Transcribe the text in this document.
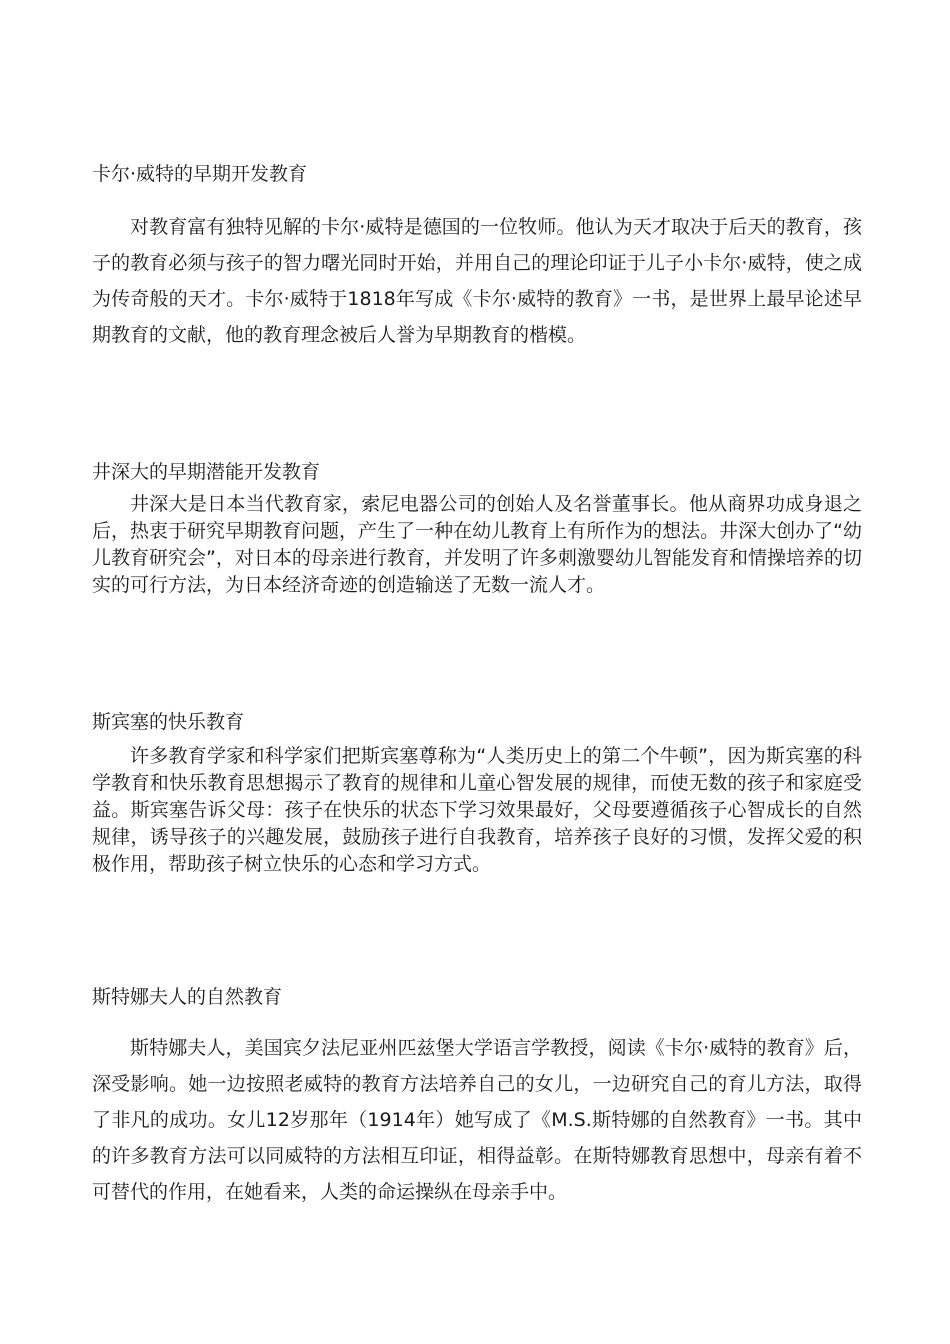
卡尔·威特的早期开发教育

对教育富有独特见解的卡尔·威特是德国的一位牧师。他认为天才取决于后天的教育，孩子的教育必须与孩子的智力曙光同时开始，并用自己的理论印证于儿子小卡尔·威特，使之成为传奇般的天才。卡尔·威特于1818年写成《卡尔·威特的教育》一书，是世界上最早论述早期教育的文献，他的教育理念被后人誉为早期教育的楷模。

井深大的早期潜能开发教育

井深大是日本当代教育家，索尼电器公司的创始人及名誉董事长。他从商界功成身退之后，热衷于研究早期教育问题，产生了一种在幼儿教育上有所作为的想法。井深大创办了“幼儿教育研究会”，对日本的母亲进行教育，并发明了许多刺激婴幼儿智能发育和情操培养的切实的可行方法，为日本经济奇迹的创造输送了无数一流人才。

斯宾塞的快乐教育

许多教育学家和科学家们把斯宾塞尊称为“人类历史上的第二个牛顿”，因为斯宾塞的科学教育和快乐教育思想揭示了教育的规律和儿童心智发展的规律，而使无数的孩子和家庭受益。斯宾塞告诉父母：孩子在快乐的状态下学习效果最好，父母要遵循孩子心智成长的自然规律，诱导孩子的兴趣发展，鼓励孩子进行自我教育，培养孩子良好的习惯，发挥父爱的积极作用，帮助孩子树立快乐的心态和学习方式。

斯特娜夫人的自然教育

斯特娜夫人，美国宾夕法尼亚州匹兹堡大学语言学教授，阅读《卡尔·威特的教育》后，深受影响。她一边按照老威特的教育方法培养自己的女儿，一边研究自己的育儿方法，取得了非凡的成功。女儿12岁那年（1914年）她写成了《M.S.斯特娜的自然教育》一书。其中的许多教育方法可以同威特的方法相互印证，相得益彰。在斯特娜教育思想中，母亲有着不可替代的作用，在她看来，人类的命运操纵在母亲手中。
